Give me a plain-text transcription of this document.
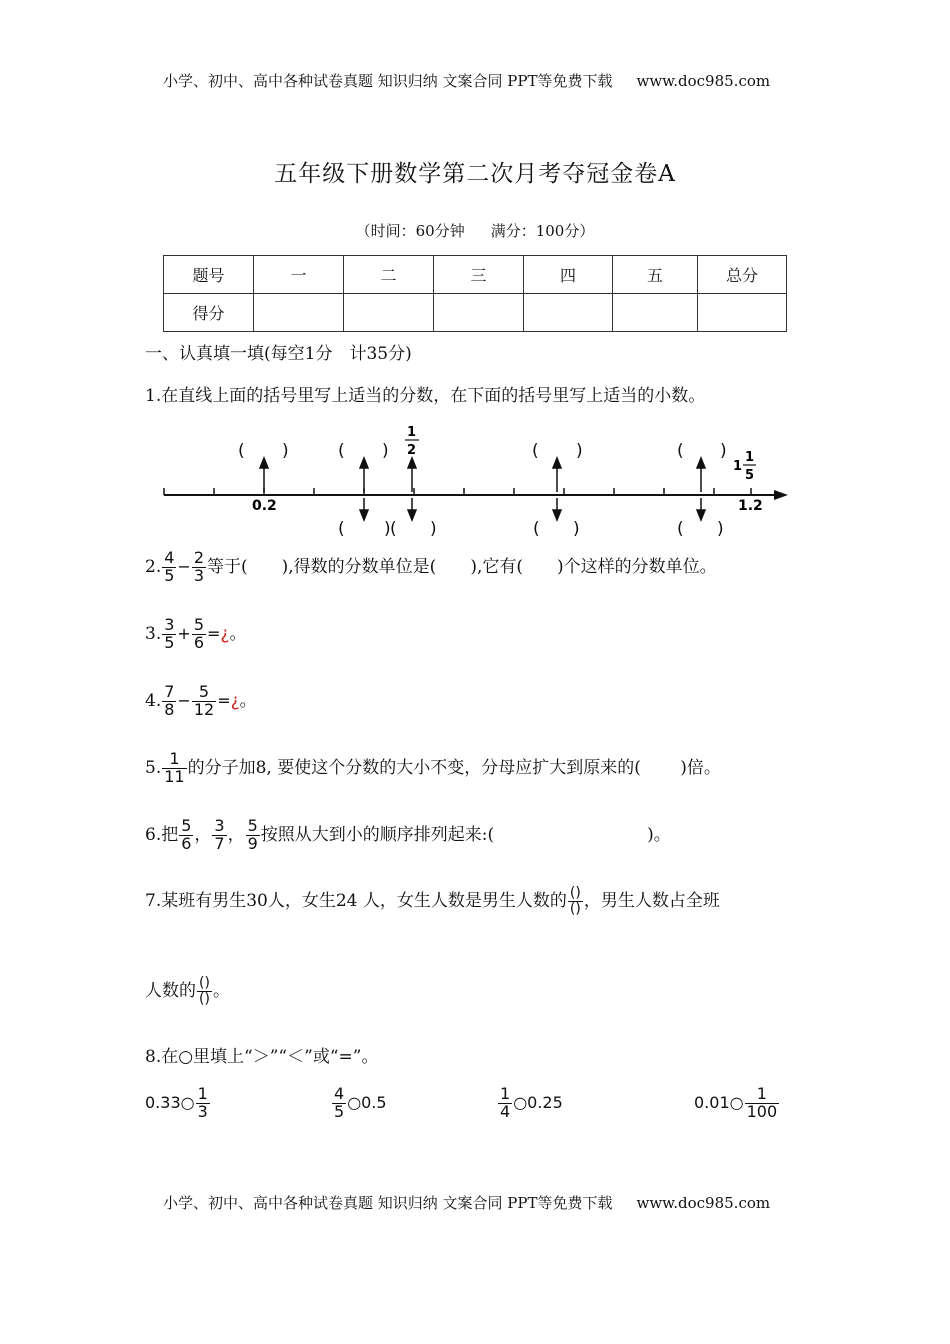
小学、初中、高中各种试卷真题 知识归纳 文案合同 PPT等免费下载 www.doc985.com
五年级下册数学第二次月考夺冠金卷A
（时间：60分钟 满分：100分）
题号	一	二	三	四	五	总分
得分						
一、认真填一填(每空1分　计35分)
1.在直线上面的括号里写上适当的分数，在下面的括号里写上适当的小数。
( )	( )	( )	( )
( ) ( )	( )	( )
1
2
1
1
5
0.2	1.2
2. $\frac{4}{5} - \frac{2}{3}$ 等于(　　),得数的分数单位是(　　),它有(　　)个这样的分数单位。
3. $\frac{3}{5} + \frac{5}{6}$ =¿。
4. $\frac{7}{8} - \frac{5}{12}$ =¿。
5. $\frac{1}{11}$ 的分子加8, 要使这个分数的大小不变，分母应扩大到原来的(　　 )倍。
6.把 $\frac{5}{6}$ ， $\frac{3}{7}$ ， $\frac{5}{9}$ 按照从大到小的顺序排列起来:(　　　　　　　　　)。
7.某班有男生30人，女生24 人，女生人数是男生人数的 $\frac{()}{()}$ ，男生人数占全班
人数的 $\frac{()}{()}$ 。
8.在○里填上“＞”“＜”或“=”。
0.33○ $\frac{1}{3}$	$\frac{4}{5}$ ○0.5	$\frac{1}{4}$ ○0.25	0.01○ $\frac{1}{100}$
小学、初中、高中各种试卷真题 知识归纳 文案合同 PPT等免费下载 www.doc985.com
